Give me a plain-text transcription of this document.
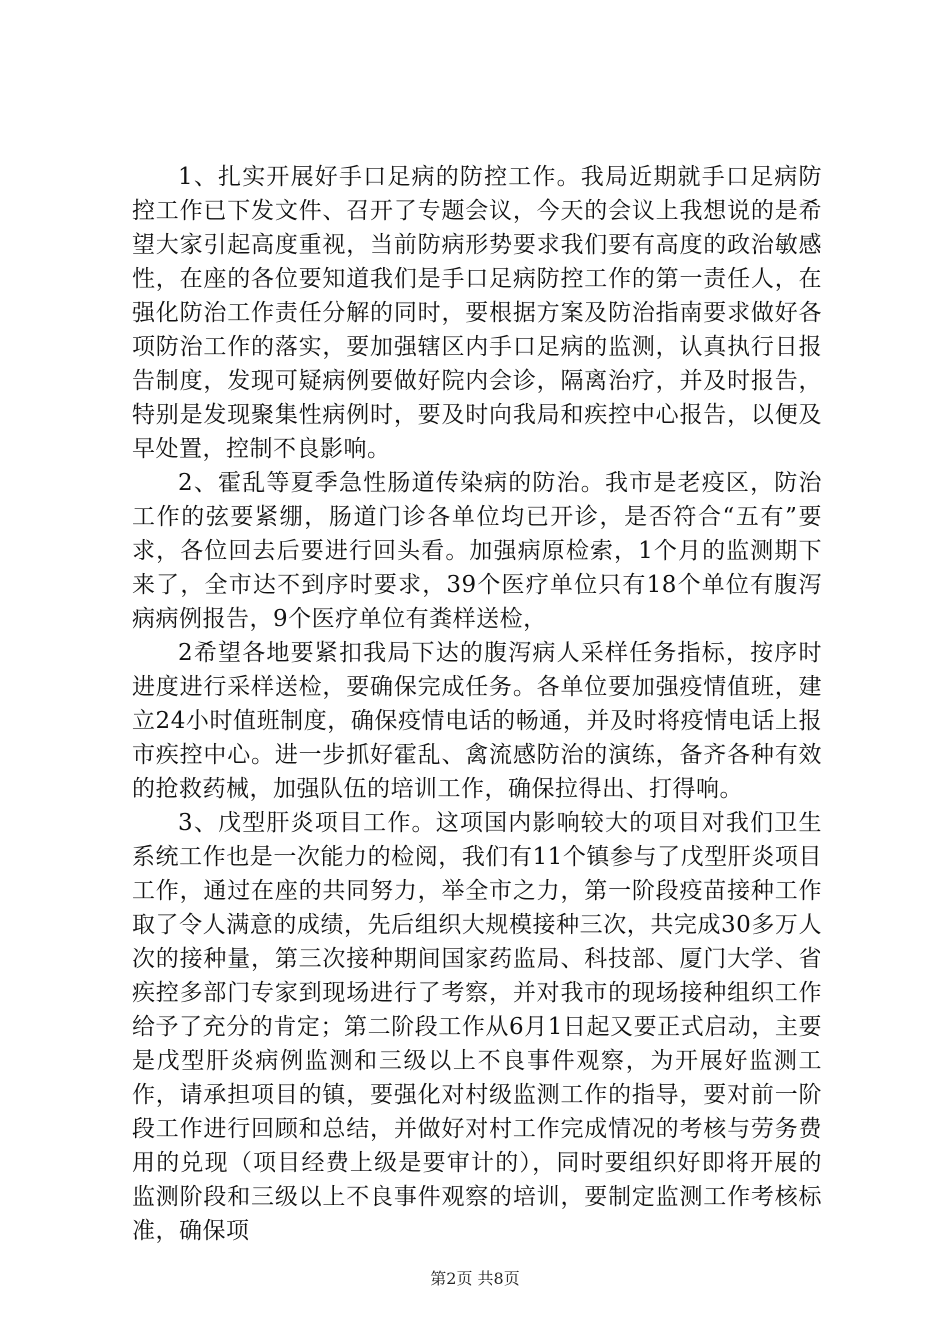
1、扎实开展好手口足病的防控工作。我局近期就手口足病防控工作已下发文件、召开了专题会议，今天的会议上我想说的是希望大家引起高度重视，当前防病形势要求我们要有高度的政治敏感性，在座的各位要知道我们是手口足病防控工作的第一责任人，在强化防治工作责任分解的同时，要根据方案及防治指南要求做好各项防治工作的落实，要加强辖区内手口足病的监测，认真执行日报告制度，发现可疑病例要做好院内会诊，隔离治疗，并及时报告，特别是发现聚集性病例时，要及时向我局和疾控中心报告，以便及早处置，控制不良影响。

2、霍乱等夏季急性肠道传染病的防治。我市是老疫区，防治工作的弦要紧绷，肠道门诊各单位均已开诊，是否符合“五有”要求，各位回去后要进行回头看。加强病原检索，1个月的监测期下来了，全市达不到序时要求，39个医疗单位只有18个单位有腹泻病病例报告，9个医疗单位有粪样送检，

2希望各地要紧扣我局下达的腹泻病人采样任务指标，按序时进度进行采样送检，要确保完成任务。各单位要加强疫情值班，建立24小时值班制度，确保疫情电话的畅通，并及时将疫情电话上报市疾控中心。进一步抓好霍乱、禽流感防治的演练，备齐各种有效的抢救药械，加强队伍的培训工作，确保拉得出、打得响。

3、戊型肝炎项目工作。这项国内影响较大的项目对我们卫生系统工作也是一次能力的检阅，我们有11个镇参与了戊型肝炎项目工作，通过在座的共同努力，举全市之力，第一阶段疫苗接种工作取了令人满意的成绩，先后组织大规模接种三次，共完成30多万人次的接种量，第三次接种期间国家药监局、科技部、厦门大学、省疾控多部门专家到现场进行了考察，并对我市的现场接种组织工作给予了充分的肯定；第二阶段工作从6月1日起又要正式启动，主要是戊型肝炎病例监测和三级以上不良事件观察，为开展好监测工作，请承担项目的镇，要强化对村级监测工作的指导，要对前一阶段工作进行回顾和总结，并做好对村工作完成情况的考核与劳务费用的兑现（项目经费上级是要审计的），同时要组织好即将开展的监测阶段和三级以上不良事件观察的培训，要制定监测工作考核标准，确保项

第2页 共8页
